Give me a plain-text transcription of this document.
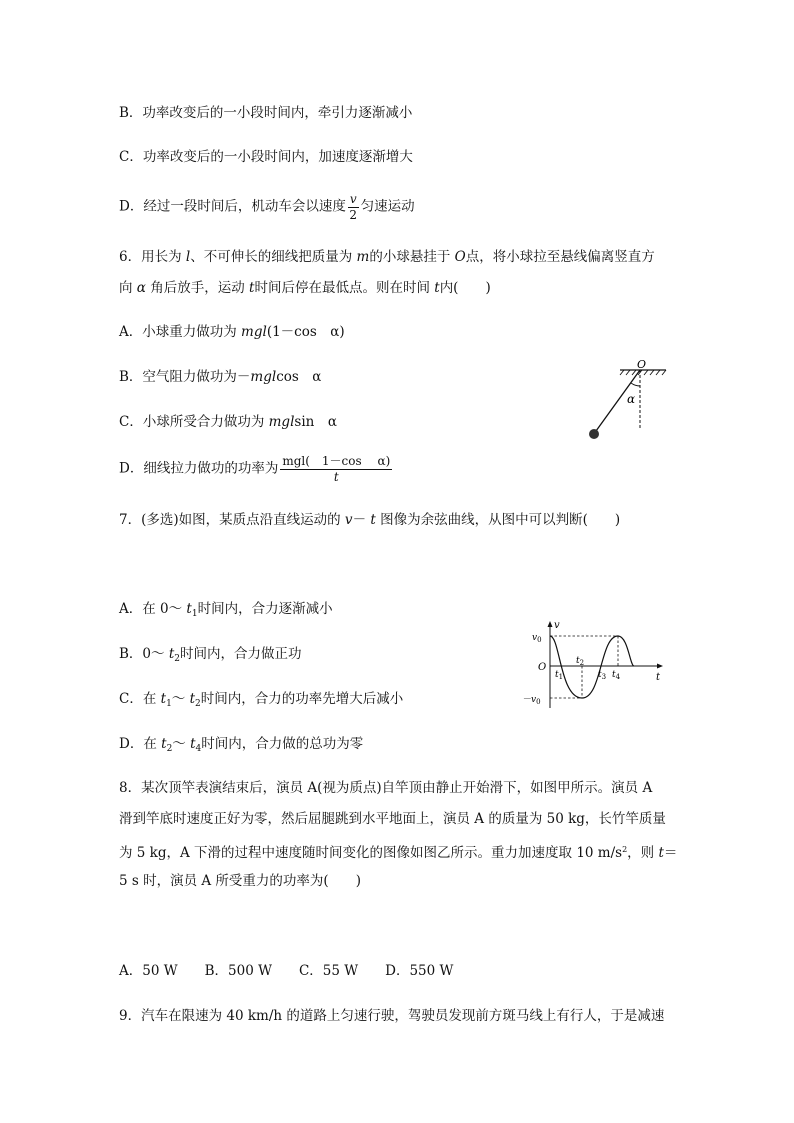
B．功率改变后的一小段时间内，牵引力逐渐减小
C．功率改变后的一小段时间内，加速度逐渐增大
D．经过一段时间后，机动车会以速度 $\frac{v}{2}$ 匀速运动
6．用长为 l、不可伸长的细线把质量为 m的小球悬挂于 O点，将小球拉至悬线偏离竖直方
向 α 角后放手，运动 t时间后停在最低点。则在时间 t内(　　)
A．小球重力做功为 mgl(1－cos　α)
B．空气阻力做功为－mglcos　α
C．小球所受合力做功为 mglsin　α
D．细线拉力做功的功率为 $\frac{\text{mgl(　1－cos　 α)}}{t}$
O
α
7．(多选)如图，某质点沿直线运动的 v－ t 图像为余弦曲线，从图中可以判断(　　)
A．在 0～ $t_1$时间内，合力逐渐减小
B．0～ $t_2$时间内，合力做正功
C．在 $t_1\sim$ $t_2$时间内，合力的功率先增大后减小
D．在 $t_2\sim$ $t_4$时间内，合力做的总功为零
v
$v_0$
O
t
$t_1$
$t_2$
$t_3$ $t_4$
$-v_0$
8．某次顶竿表演结束后，演员 A(视为质点)自竿顶由静止开始滑下，如图甲所示。演员 A
滑到竿底时速度正好为零，然后屈腿跳到水平地面上，演员 A 的质量为 50 kg，长竹竿质量
为 5 kg，A 下滑的过程中速度随时间变化的图像如图乙所示。重力加速度取 10 $m/s^2$，则 t＝
5 s 时，演员 A 所受重力的功率为(　　)
A．50 W　　B．500 W　　C．55 W　　D．550 W
9．汽车在限速为 40 km/h 的道路上匀速行驶，驾驶员发现前方斑马线上有行人，于是减速
